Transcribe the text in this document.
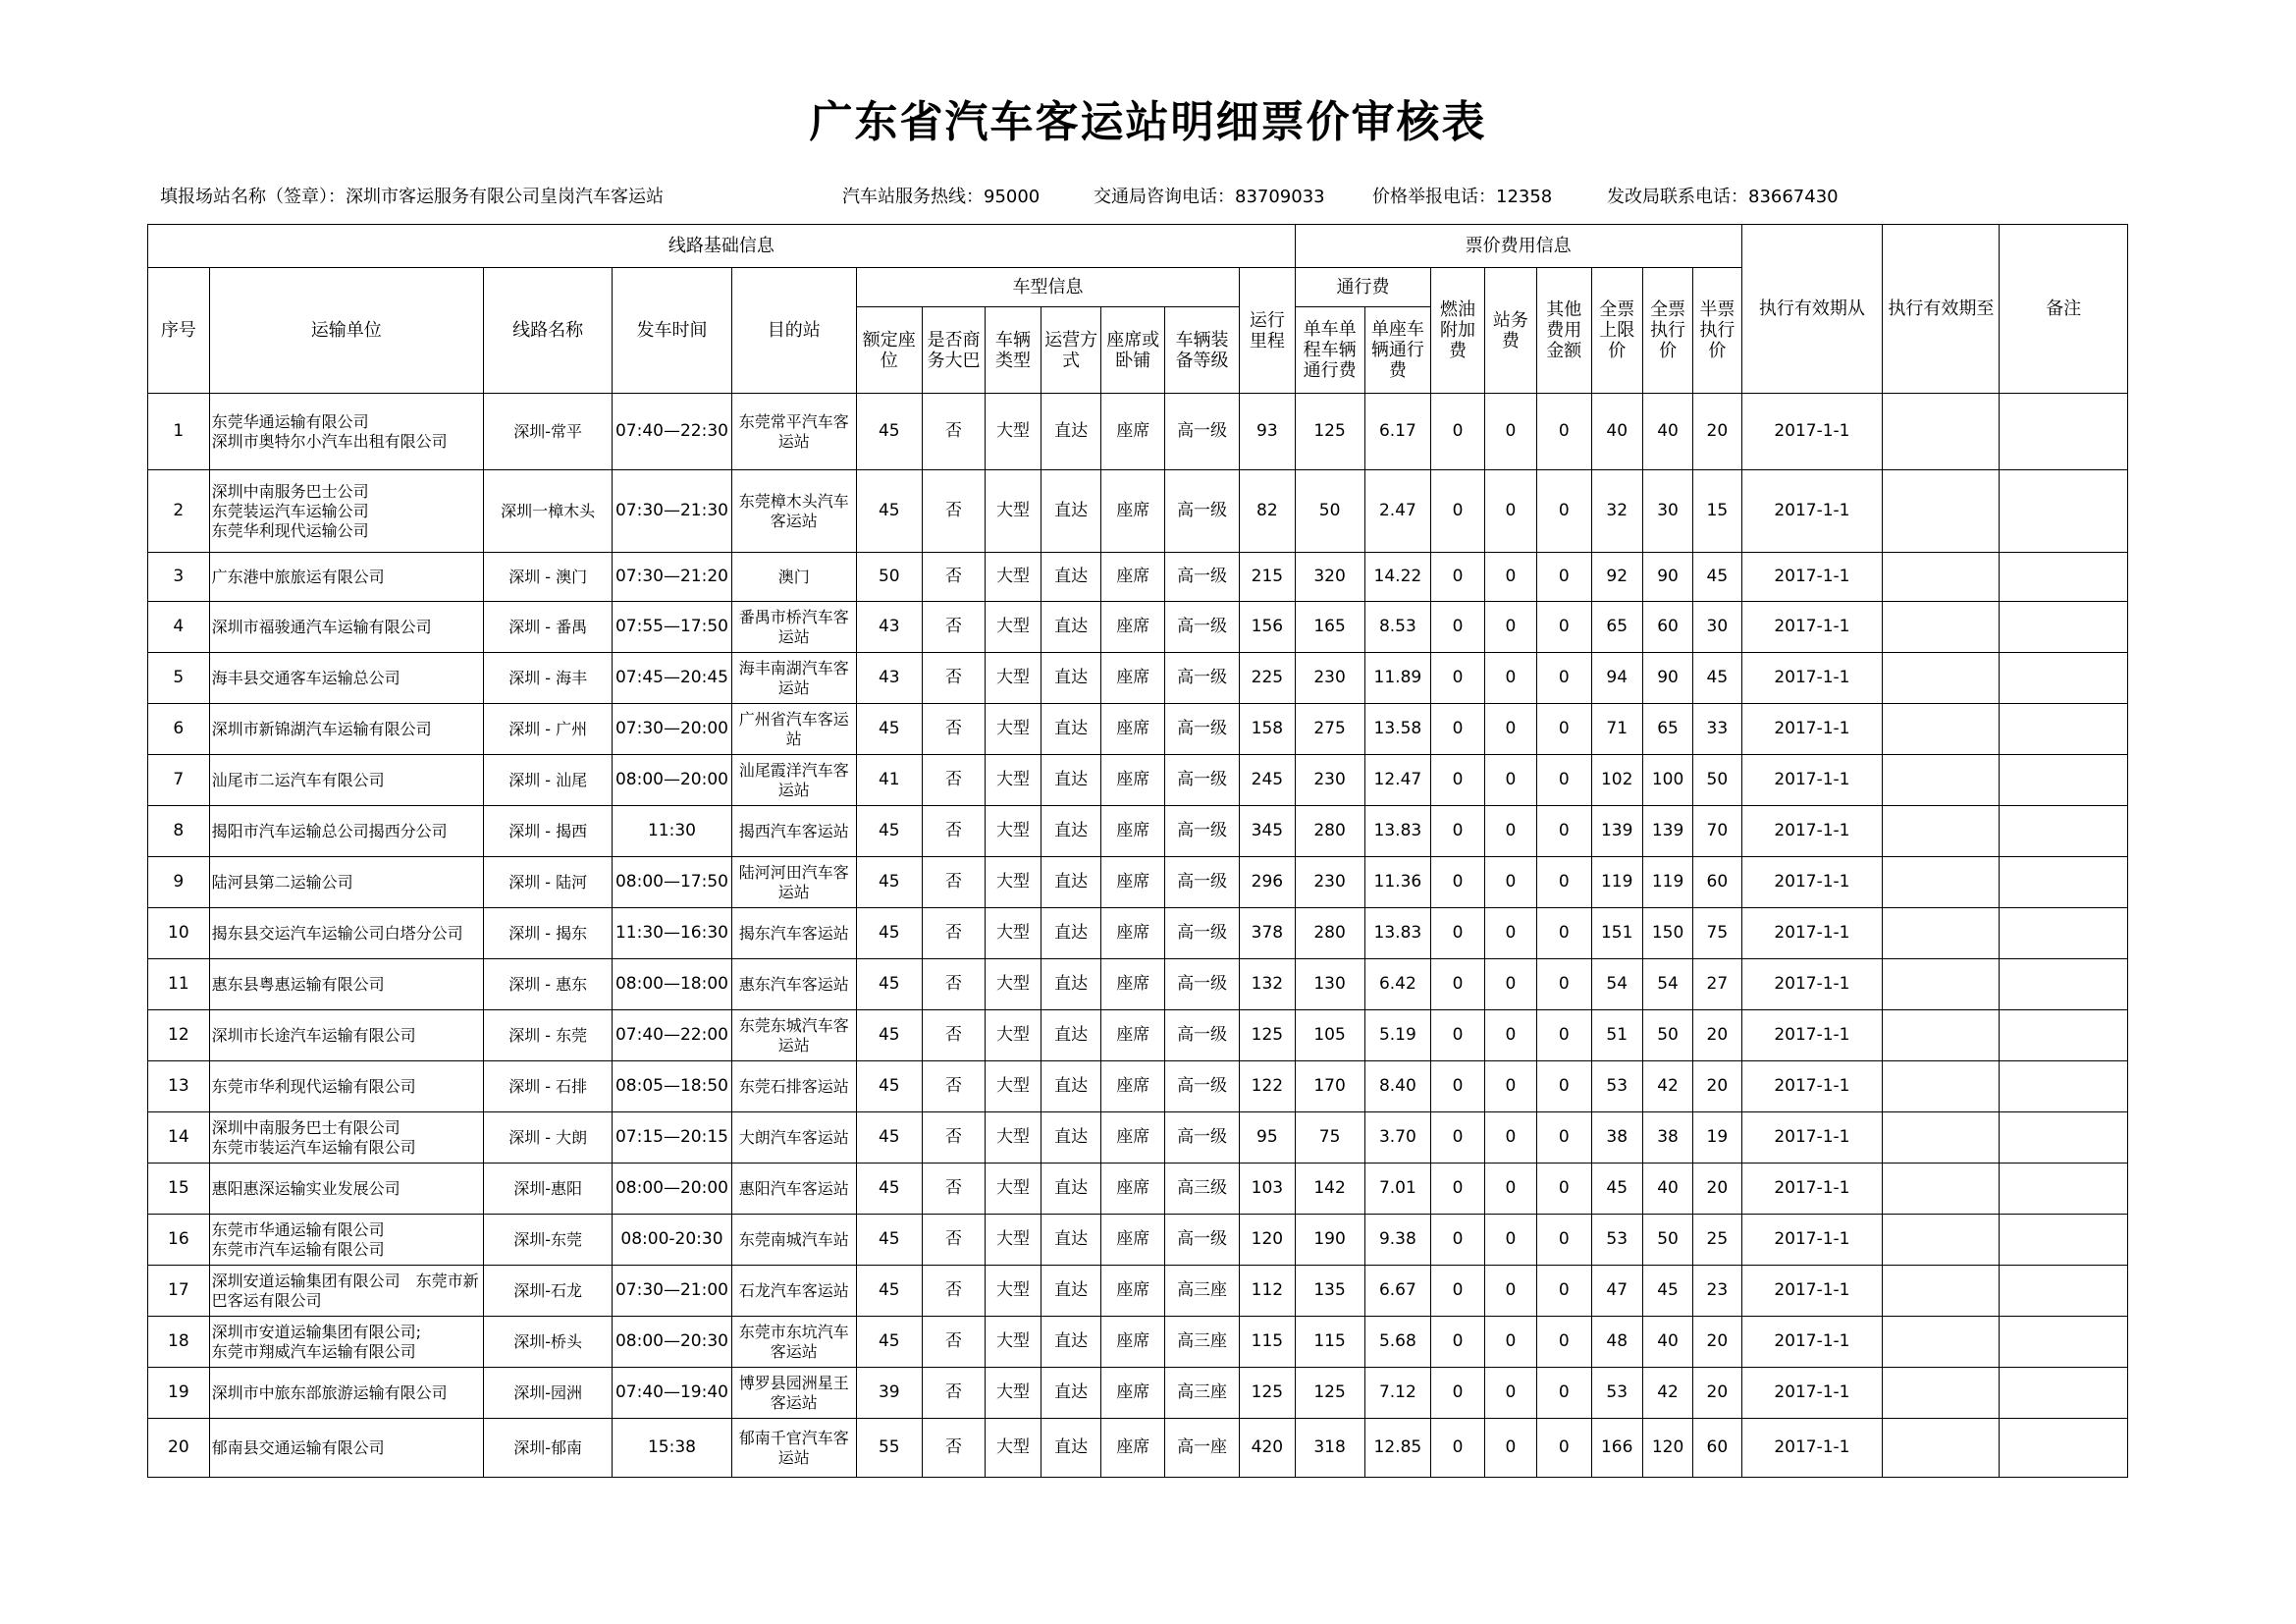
广东省汽车客运站明细票价审核表
填报场站名称（签章）：深圳市客运服务有限公司皇岗汽车客运站	汽车站服务热线：95000	交通局咨询电话：83709033	价格举报电话：12358	发改局联系电话：83667430
线路基础信息												票价费用信息								执行有效期从	执行有效期至	备注
序号	运输单位	线路名称	发车时间	目的站	车型信息						运行里程	通行费		燃油附加费	站务费	其他费用金额	全票上限价	全票执行价	半票执行价			
					额定座位	是否商务大巴	车辆类型	运营方式	座席或卧铺	车辆装备等级		单车单程车辆通行费	单座车辆通行费									
1	东莞华通运输有限公司
深圳市奥特尔小汽车出租有限公司	深圳-常平	07:40—22:30	东莞常平汽车客运站	45	否	大型	直达	座席	高一级	93	125	6.17	0	0	0	40	40	20	2017-1-1		
2	深圳中南服务巴士公司
东莞装运汽车运输公司
东莞华利现代运输公司	深圳一樟木头	07:30—21:30	东莞樟木头汽车客运站	45	否	大型	直达	座席	高一级	82	50	2.47	0	0	0	32	30	15	2017-1-1		
3	广东港中旅旅运有限公司	深圳 - 澳门	07:30—21:20	澳门	50	否	大型	直达	座席	高一级	215	320	14.22	0	0	0	92	90	45	2017-1-1		
4	深圳市福骏通汽车运输有限公司	深圳 - 番禺	07:55—17:50	番禺市桥汽车客运站	43	否	大型	直达	座席	高一级	156	165	8.53	0	0	0	65	60	30	2017-1-1		
5	海丰县交通客车运输总公司	深圳 - 海丰	07:45—20:45	海丰南湖汽车客运站	43	否	大型	直达	座席	高一级	225	230	11.89	0	0	0	94	90	45	2017-1-1		
6	深圳市新锦湖汽车运输有限公司	深圳 - 广州	07:30—20:00	广州省汽车客运站	45	否	大型	直达	座席	高一级	158	275	13.58	0	0	0	71	65	33	2017-1-1		
7	汕尾市二运汽车有限公司	深圳 - 汕尾	08:00—20:00	汕尾霞洋汽车客运站	41	否	大型	直达	座席	高一级	245	230	12.47	0	0	0	102	100	50	2017-1-1		
8	揭阳市汽车运输总公司揭西分公司	深圳 - 揭西	11:30	揭西汽车客运站	45	否	大型	直达	座席	高一级	345	280	13.83	0	0	0	139	139	70	2017-1-1		
9	陆河县第二运输公司	深圳 - 陆河	08:00—17:50	陆河河田汽车客运站	45	否	大型	直达	座席	高一级	296	230	11.36	0	0	0	119	119	60	2017-1-1		
10	揭东县交运汽车运输公司白塔分公司	深圳 - 揭东	11:30—16:30	揭东汽车客运站	45	否	大型	直达	座席	高一级	378	280	13.83	0	0	0	151	150	75	2017-1-1		
11	惠东县粤惠运输有限公司	深圳 - 惠东	08:00—18:00	惠东汽车客运站	45	否	大型	直达	座席	高一级	132	130	6.42	0	0	0	54	54	27	2017-1-1		
12	深圳市长途汽车运输有限公司	深圳 - 东莞	07:40—22:00	东莞东城汽车客运站	45	否	大型	直达	座席	高一级	125	105	5.19	0	0	0	51	50	20	2017-1-1		
13	东莞市华利现代运输有限公司	深圳 - 石排	08:05—18:50	东莞石排客运站	45	否	大型	直达	座席	高一级	122	170	8.40	0	0	0	53	42	20	2017-1-1		
14	深圳中南服务巴士有限公司
东莞市装运汽车运输有限公司	深圳 - 大朗	07:15—20:15	大朗汽车客运站	45	否	大型	直达	座席	高一级	95	75	3.70	0	0	0	38	38	19	2017-1-1		
15	惠阳惠深运输实业发展公司	深圳-惠阳	08:00—20:00	惠阳汽车客运站	45	否	大型	直达	座席	高三级	103	142	7.01	0	0	0	45	40	20	2017-1-1		
16	东莞市华通运输有限公司
东莞市汽车运输有限公司	深圳-东莞	08:00-20:30	东莞南城汽车站	45	否	大型	直达	座席	高一级	120	190	9.38	0	0	0	53	50	25	2017-1-1		
17	深圳安道运输集团有限公司　东莞市新巴客运有限公司	深圳-石龙	07:30—21:00	石龙汽车客运站	45	否	大型	直达	座席	高三座	112	135	6.67	0	0	0	47	45	23	2017-1-1		
18	深圳市安道运输集团有限公司;
东莞市翔威汽车运输有限公司	深圳-桥头	08:00—20:30	东莞市东坑汽车客运站	45	否	大型	直达	座席	高三座	115	115	5.68	0	0	0	48	40	20	2017-1-1		
19	深圳市中旅东部旅游运输有限公司	深圳-园洲	07:40—19:40	博罗县园洲星王客运站	39	否	大型	直达	座席	高三座	125	125	7.12	0	0	0	53	42	20	2017-1-1		
20	郁南县交通运输有限公司	深圳-郁南	15:38	郁南千官汽车客运站	55	否	大型	直达	座席	高一座	420	318	12.85	0	0	0	166	120	60	2017-1-1		
